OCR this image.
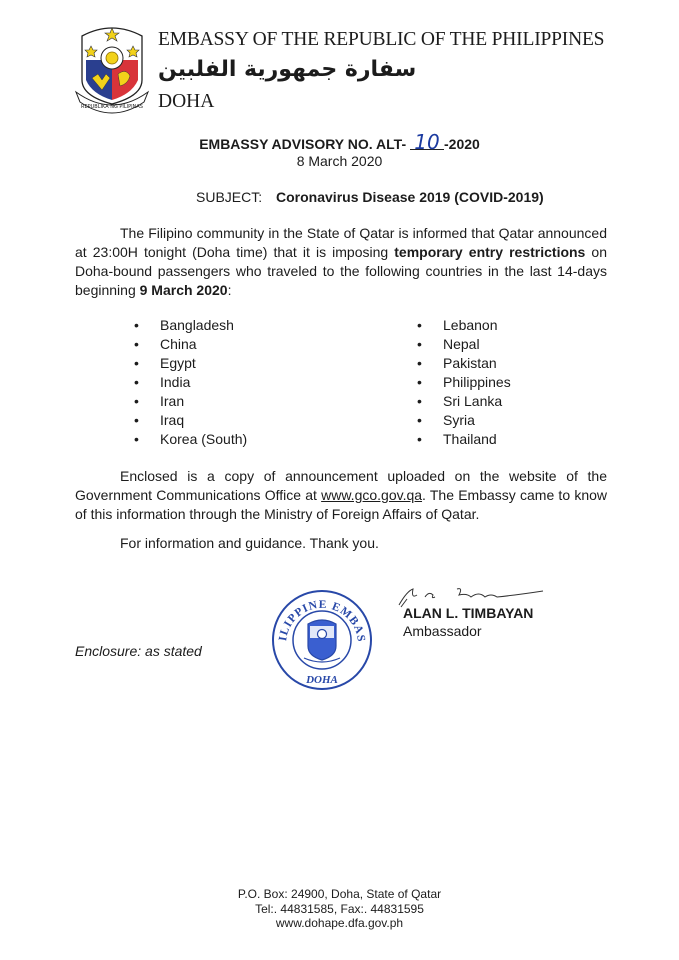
REPUBLIKA NG PILIPINAS
EMBASSY OF THE REPUBLIC OF THE PHILIPPINES
سفارة جمهورية الفلبين
DOHA
EMBASSY ADVISORY NO. ALT- 10 -2020
8 March 2020
SUBJECT: Coronavirus Disease 2019 (COVID-2019)
The Filipino community in the State of Qatar is informed that Qatar announced at 23:00H tonight (Doha time) that it is imposing temporary entry restrictions on Doha-bound passengers who traveled to the following countries in the last 14-days beginning 9 March 2020:
• Bangladesh
• China
• Egypt
• India
• Iran
• Iraq
• Korea (South)
• Lebanon
• Nepal
• Pakistan
• Philippines
• Sri Lanka
• Syria
• Thailand
Enclosed is a copy of announcement uploaded on the website of the Government Communications Office at www.gco.gov.qa. The Embassy came to know of this information through the Ministry of Foreign Affairs of Qatar.
For information and guidance. Thank you.
ILIPPINE EMBAS
DOHA
ALAN L. TIMBAYAN
Ambassador
Enclosure: as stated
P.O. Box: 24900, Doha, State of Qatar
Tel:. 44831585, Fax:. 44831595
www.dohape.dfa.gov.ph
